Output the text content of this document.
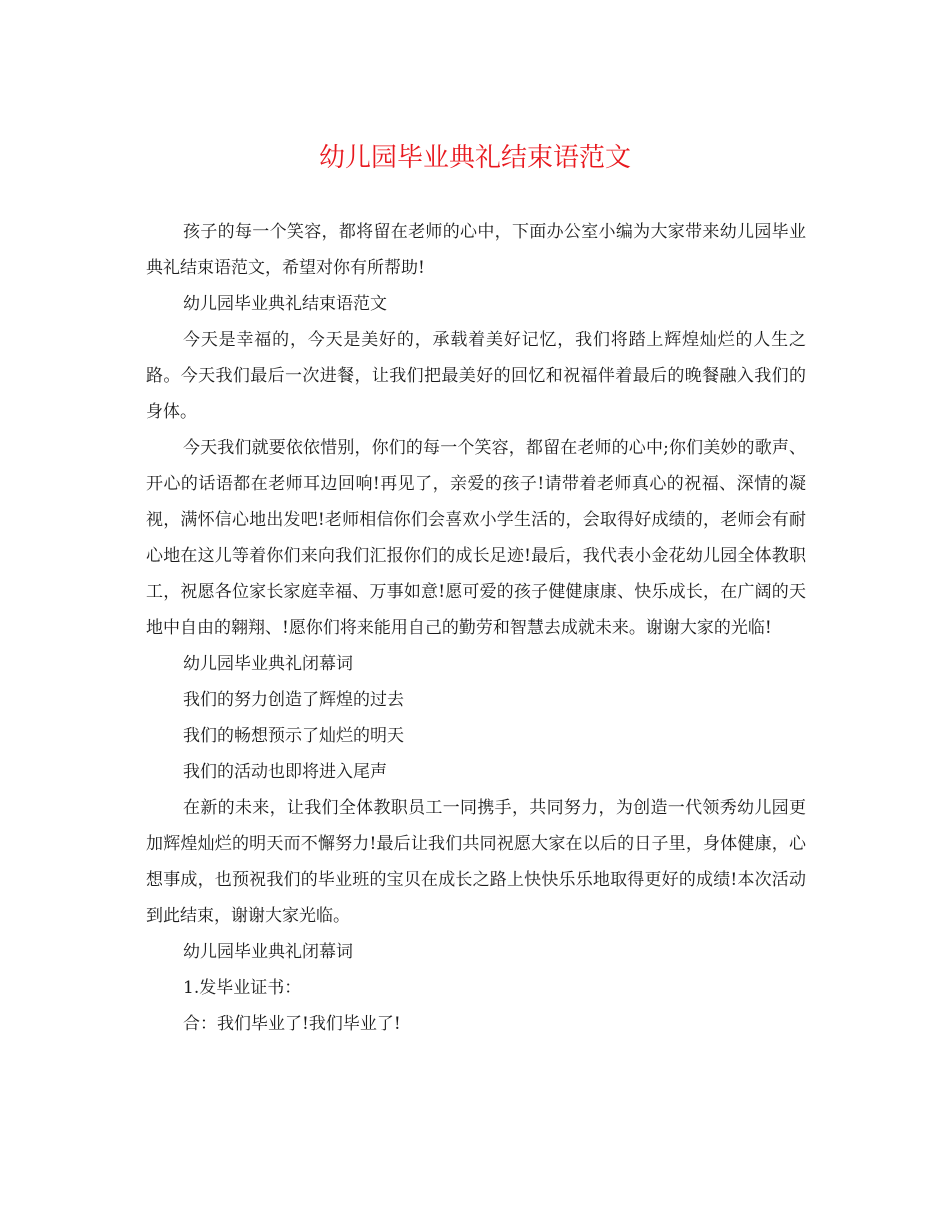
幼儿园毕业典礼结束语范文

孩子的每一个笑容，都将留在老师的心中，下面办公室小编为大家带来幼儿园毕业典礼结束语范文，希望对你有所帮助!

幼儿园毕业典礼结束语范文

今天是幸福的，今天是美好的，承载着美好记忆，我们将踏上辉煌灿烂的人生之路。今天我们最后一次进餐，让我们把最美好的回忆和祝福伴着最后的晚餐融入我们的身体。

今天我们就要依依惜别，你们的每一个笑容，都留在老师的心中;你们美妙的歌声、开心的话语都在老师耳边回响!再见了，亲爱的孩子!请带着老师真心的祝福、深情的凝视，满怀信心地出发吧!老师相信你们会喜欢小学生活的，会取得好成绩的，老师会有耐心地在这儿等着你们来向我们汇报你们的成长足迹!最后，我代表小金花幼儿园全体教职工，祝愿各位家长家庭幸福、万事如意!愿可爱的孩子健健康康、快乐成长，在广阔的天地中自由的翱翔、!愿你们将来能用自己的勤劳和智慧去成就未来。谢谢大家的光临!

幼儿园毕业典礼闭幕词

我们的努力创造了辉煌的过去

我们的畅想预示了灿烂的明天

我们的活动也即将进入尾声

在新的未来，让我们全体教职员工一同携手，共同努力，为创造一代领秀幼儿园更加辉煌灿烂的明天而不懈努力!最后让我们共同祝愿大家在以后的日子里，身体健康，心想事成，也预祝我们的毕业班的宝贝在成长之路上快快乐乐地取得更好的成绩!本次活动到此结束，谢谢大家光临。

幼儿园毕业典礼闭幕词

1.发毕业证书：

合：我们毕业了!我们毕业了!
